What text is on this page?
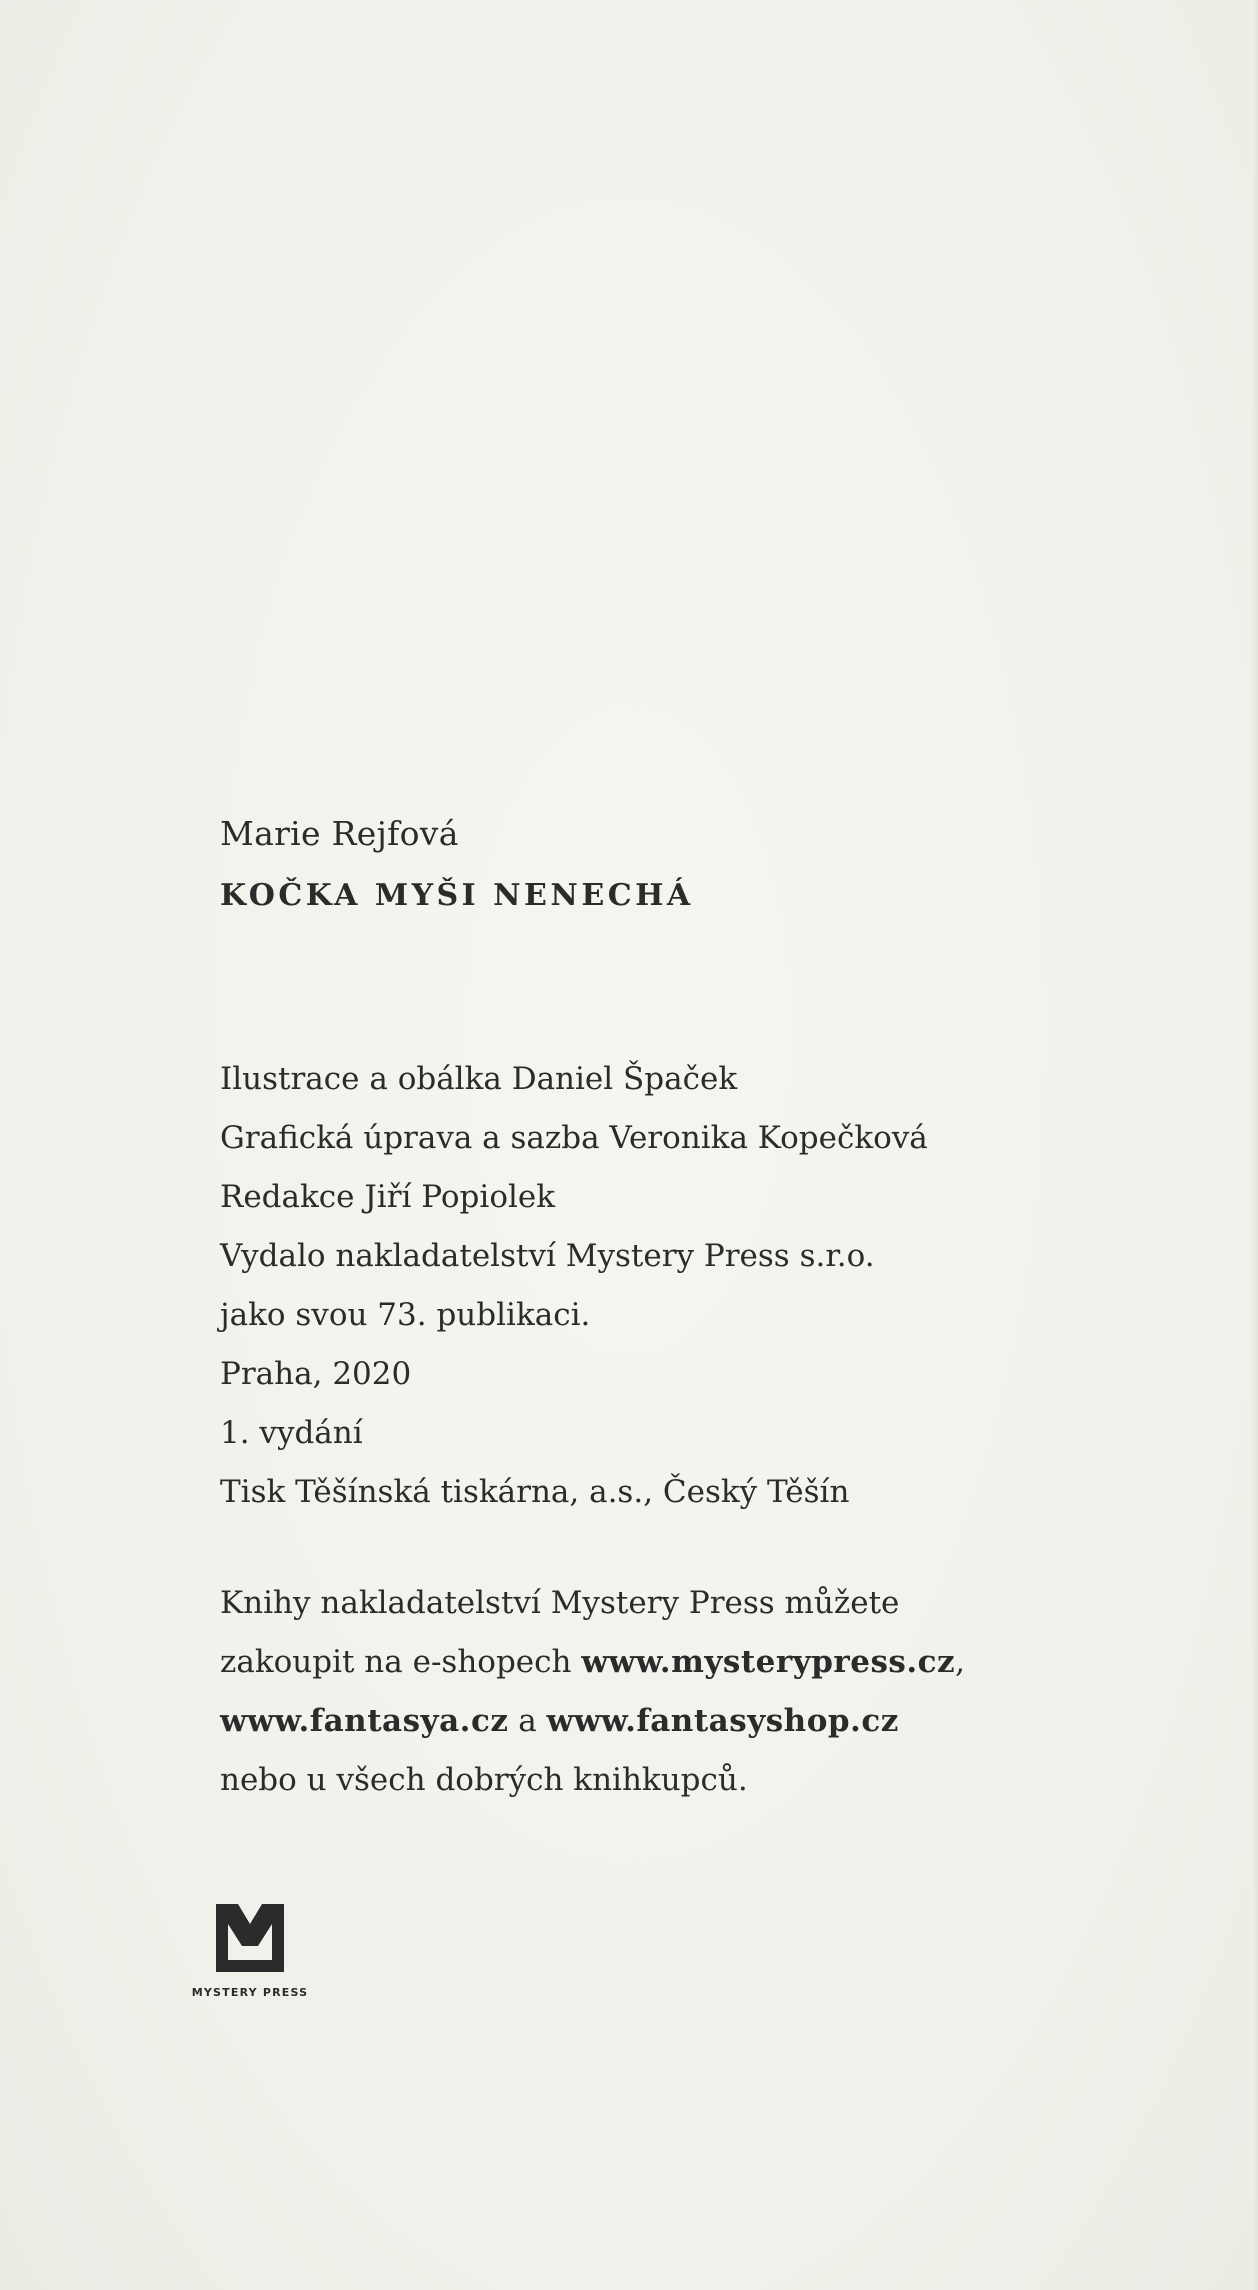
Marie Rejfová
KOČKA MYŠI NENECHÁ
Ilustrace a obálka Daniel Špaček
Grafická úprava a sazba Veronika Kopečková
Redakce Jiří Popiolek
Vydalo nakladatelství Mystery Press s.r.o.
jako svou 73. publikaci.
Praha, 2020
1. vydání
Tisk Těšínská tiskárna, a.s., Český Těšín
Knihy nakladatelství Mystery Press můžete
zakoupit na e-shopech www.mysterypress.cz,
www.fantasya.cz a www.fantasyshop.cz
nebo u všech dobrých knihkupců.
MYSTERY PRESS
